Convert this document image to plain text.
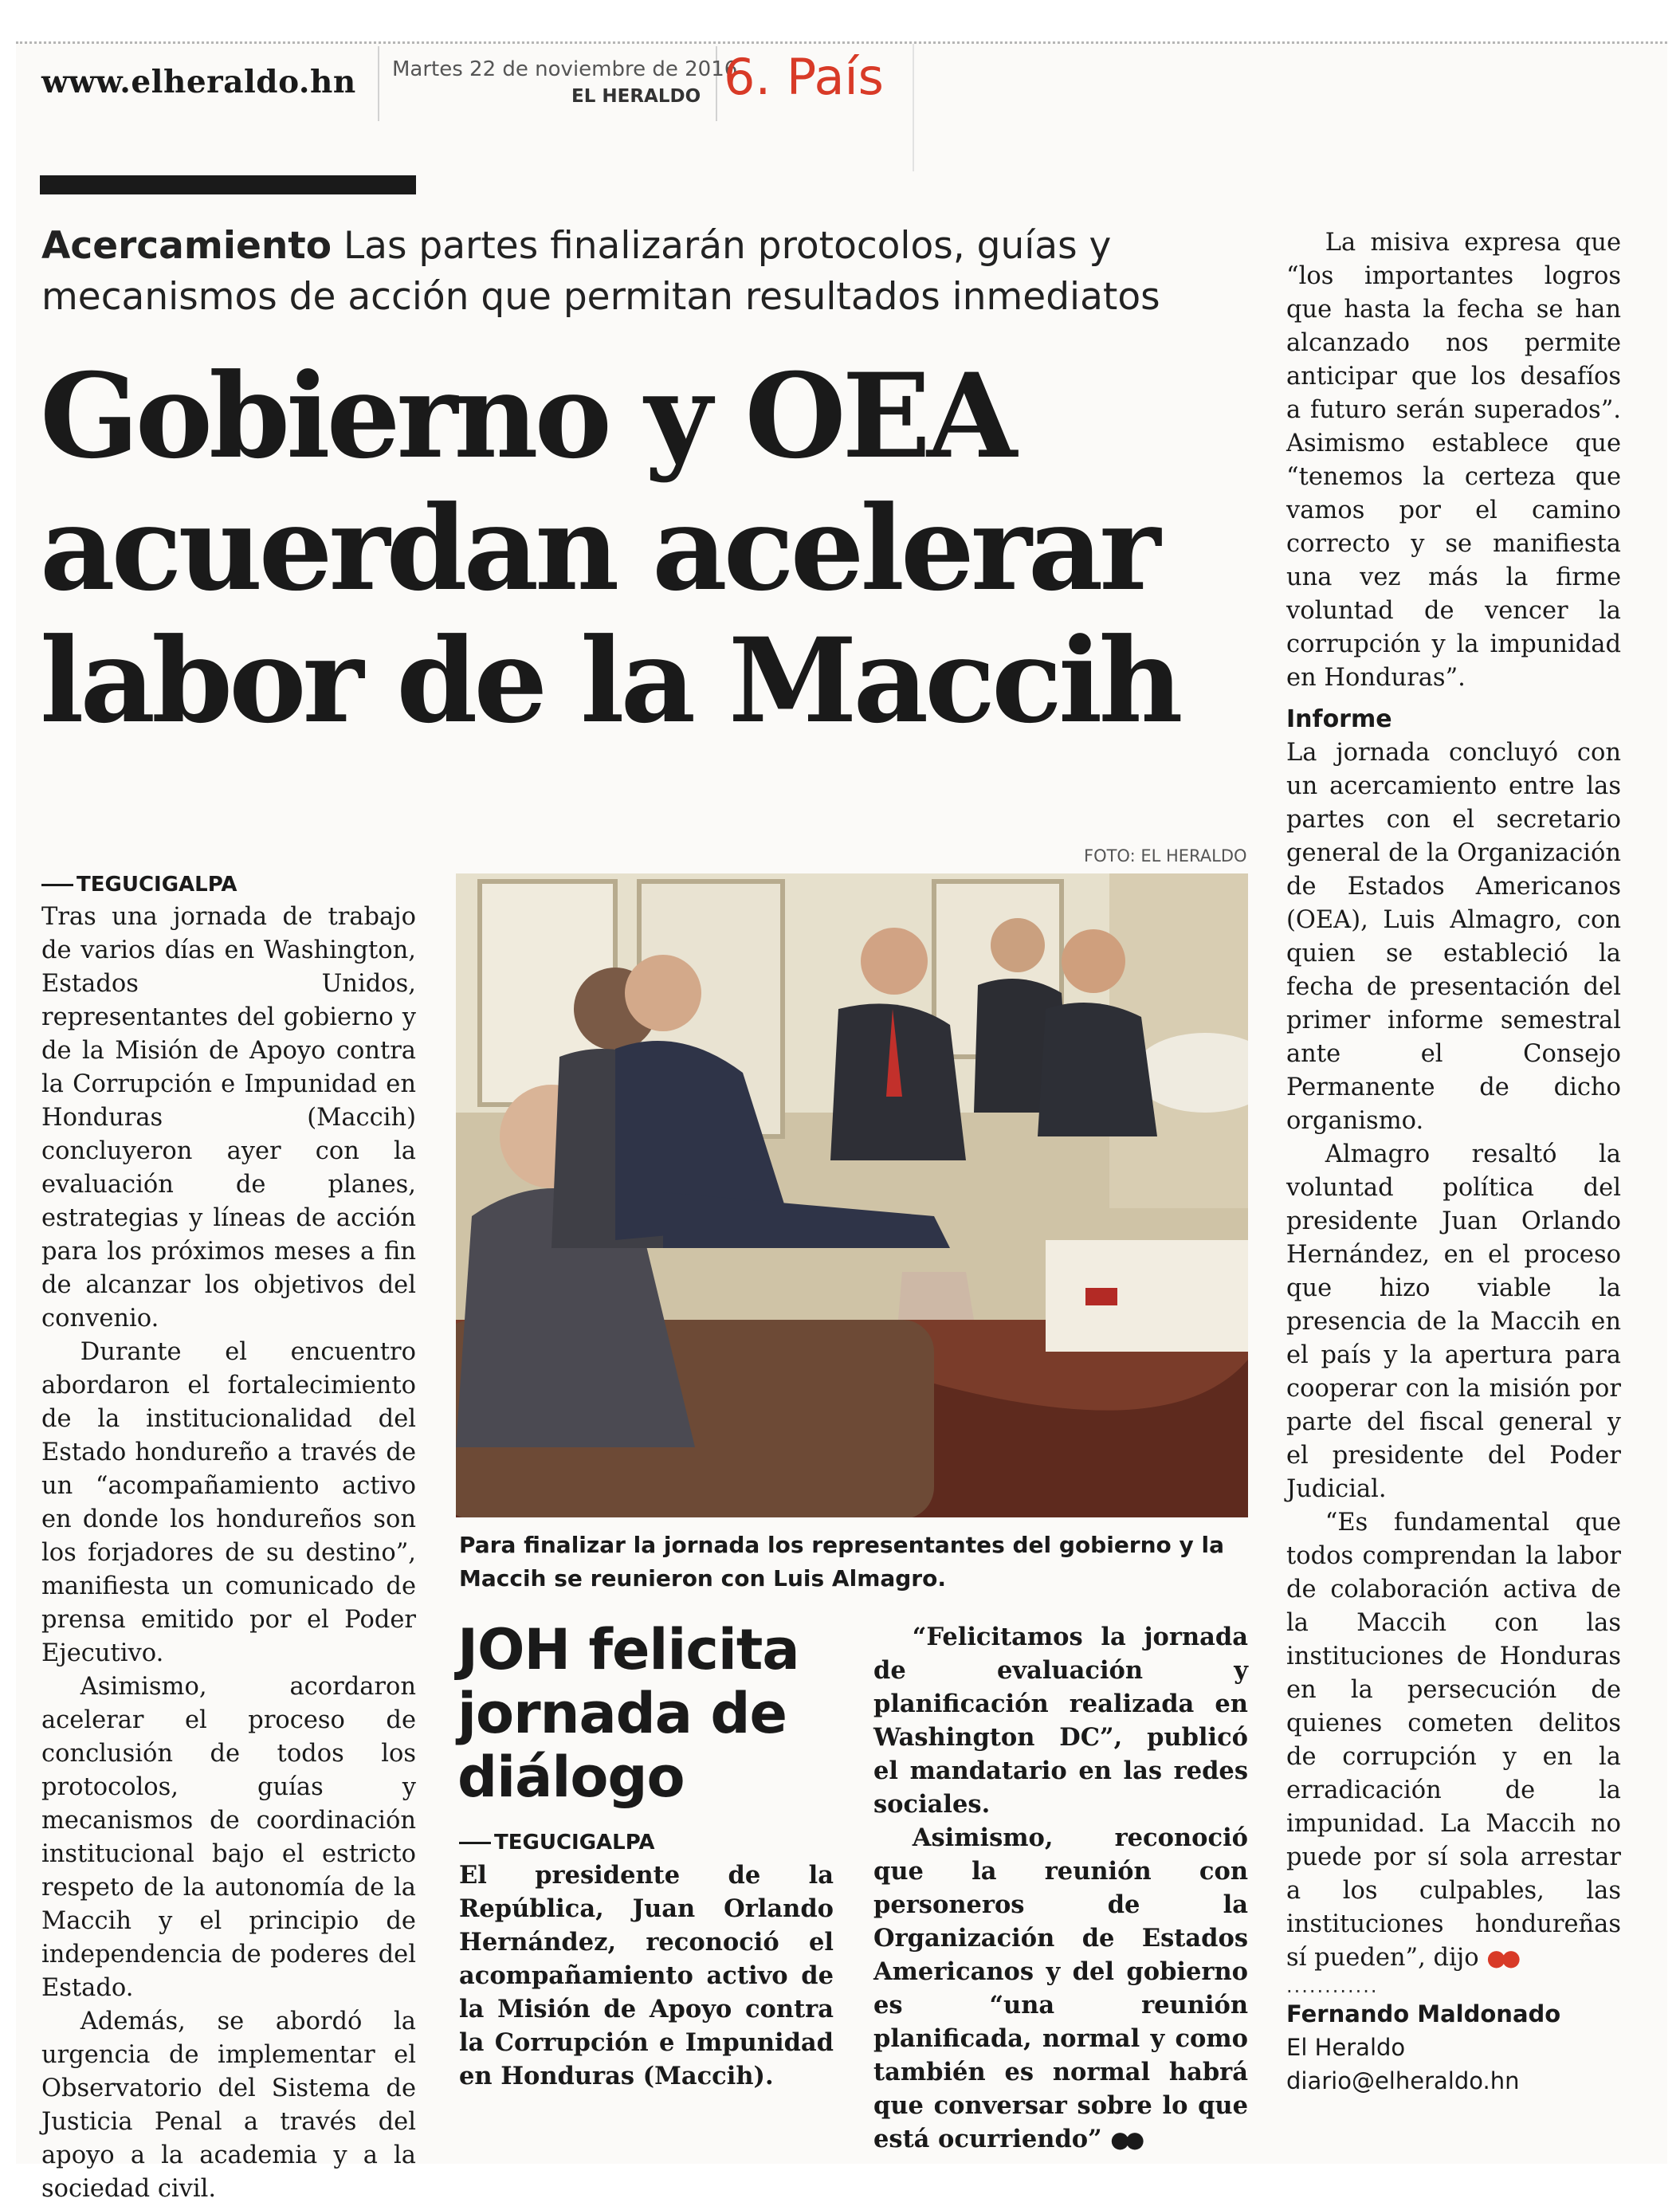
www.elheraldo.hn Martes 22 de noviembre de 2016
EL HERALDO 6. País
Acercamiento Las partes finalizarán protocolos, guías y mecanismos de acción que permitan resultados inmediatos
Gobierno y OEA acuerdan acelerar labor de la Maccih
TEGUCIGALPA

Tras una jornada de trabajo de varios días en Washington, Estados Unidos, representantes del gobierno y de la Misión de Apoyo contra la Corrupción e Impunidad en Honduras (Maccih) concluyeron ayer con la evaluación de planes, estrategias y líneas de acción para los próximos meses a fin de alcanzar los objetivos del convenio.

Durante el encuentro abordaron el fortalecimiento de la institucionalidad del Estado hondureño a través de un “acompañamiento activo en donde los hondureños son los forjadores de su destino”, manifiesta un comunicado de prensa emitido por el Poder Ejecutivo.

Asimismo, acordaron acelerar el proceso de conclusión de todos los protocolos, guías y mecanismos de coordinación institucional bajo el estricto respeto de la autonomía de la Maccih y el principio de independencia de poderes del Estado.

Además, se abordó la urgencia de implementar el Observatorio del Sistema de Justicia Penal a través del apoyo a la academia y a la sociedad civil.

La misiva expresa que “los importantes logros que hasta la fecha se han alcanzado nos permite anticipar que los desafíos a futuro serán superados”. Asimismo establece que “tenemos la certeza que vamos por el camino correcto y se manifiesta una vez más la firme voluntad de vencer la corrupción y la impunidad en Honduras”.

Informe

La jornada concluyó con un acercamiento entre las partes con el secretario general de la Organización de Estados Americanos (OEA), Luis Almagro, con quien se estableció la fecha de presentación del primer informe semestral ante el Consejo Permanente de dicho organismo.

Almagro resaltó la voluntad política del presidente Juan Orlando Hernández, en el proceso que hizo viable la presencia de la Maccih en el país y la apertura para cooperar con la misión por parte del fiscal general y el presidente del Poder Judicial.

“Es fundamental que todos comprendan la labor de colaboración activa de la Maccih con las instituciones de Honduras en la persecución de quienes cometen delitos de corrupción y en la erradicación de la impunidad. La Maccih no puede por sí sola arrestar a los culpables, las instituciones hondureñas sí pueden”, dijo ●●

............
Fernando Maldonado
El Heraldo
diario@elheraldo.hn
FOTO: EL HERALDO
Para finalizar la jornada los representantes del gobierno y la Maccih se reunieron con Luis Almagro.
JOH felicita jornada de diálogo
TEGUCIGALPA

El presidente de la República, Juan Orlando Hernández, reconoció el acompañamiento activo de la Misión de Apoyo contra la Corrupción e Impunidad en Honduras (Maccih).

“Felicitamos la jornada de evaluación y planificación realizada en Washington DC”, publicó el mandatario en las redes sociales.

Asimismo, reconoció que la reunión con personeros de la Organización de Estados Americanos y del gobierno es “una reunión planificada, normal y como también es normal habrá que conversar sobre lo que está ocurriendo” ●●
